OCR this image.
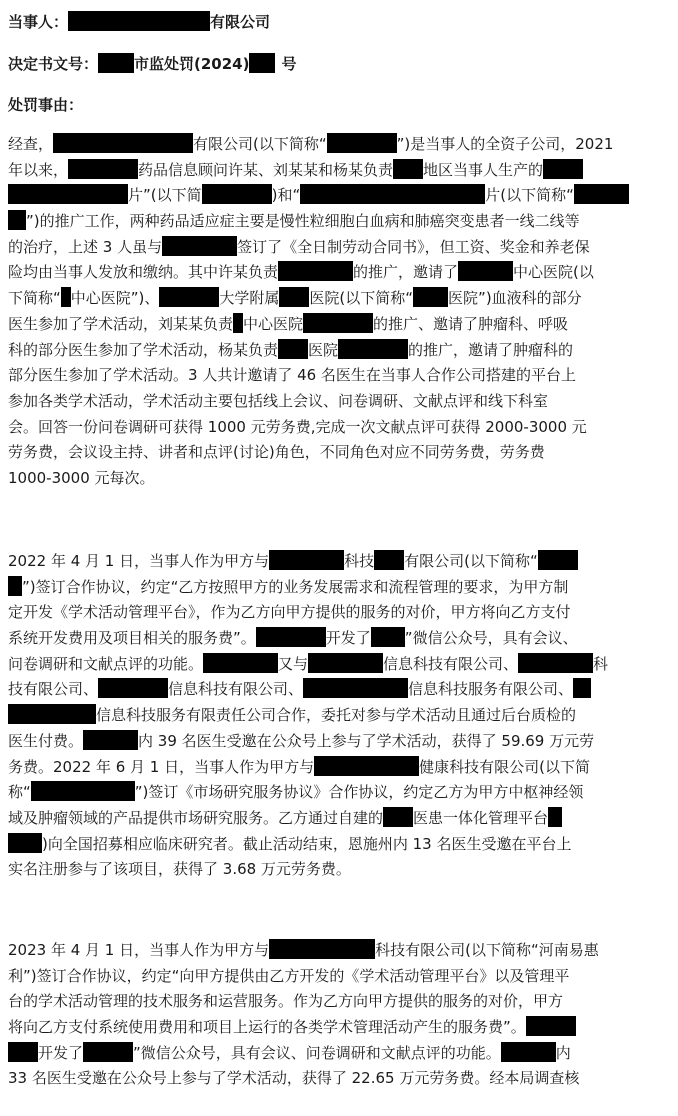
当事人：	有限公司
决定书文号： 市监处罚(2024) 号
处罚事由：
经查，	有限公司(以下简称“	”)是当事人的全资子公司，2021
年以来，	药品信息顾问许某、刘某某和杨某负责 地区当事人生产的
片”(以下简	)和“	片(以下简称“
”)的推广工作，两种药品适应症主要是慢性粒细胞白血病和肺癌突变患者一线二线等
的治疗，上述 3 人虽与	签订了《全日制劳动合同书》，但工资、奖金和养老保
险均由当事人发放和缴纳。其中许某负责	的推广，邀请了	中心医院(以
下简称“ 中心医院”)、	大学附属 医院(以下简称“ 医院”)血液科的部分
医生参加了学术活动，刘某某负责 中心医院	的推广、邀请了肿瘤科、呼吸
科的部分医生参加了学术活动，杨某负责 医院	的推广，邀请了肿瘤科的
部分医生参加了学术活动。3 人共计邀请了 46 名医生在当事人合作公司搭建的平台上
参加各类学术活动，学术活动主要包括线上会议、问卷调研、文献点评和线下科室
会。回答一份问卷调研可获得 1000 元劳务费,完成一次文献点评可获得 2000-3000 元
劳务费，会议设主持、讲者和点评(讨论)角色，不同角色对应不同劳务费，劳务费
1000-3000 元每次。
2022 年 4 月 1 日，当事人作为甲方与	科技 有限公司(以下简称“
”)签订合作协议，约定“乙方按照甲方的业务发展需求和流程管理的要求，为甲方制
定开发《学术活动管理平台》，作为乙方向甲方提供的服务的对价，甲方将向乙方支付
系统开发费用及项目相关的服务费”。	开发了 ”微信公众号，具有会议、
问卷调研和文献点评的功能。	又与	信息科技有限公司、	科
技有限公司、	信息科技有限公司、	信息科技服务有限公司、
信息科技服务有限责任公司合作，委托对参与学术活动且通过后台质检的
医生付费。	内 39 名医生受邀在公众号上参与了学术活动，获得了 59.69 万元劳
务费。2022 年 6 月 1 日，当事人作为甲方与	健康科技有限公司(以下简
称“	”)签订《市场研究服务协议》合作协议，约定乙方为甲方中枢神经领
域及肿瘤领域的产品提供市场研究服务。乙方通过自建的 医患一体化管理平台
)向全国招募相应临床研究者。截止活动结束，恩施州内 13 名医生受邀在平台上
实名注册参与了该项目，获得了 3.68 万元劳务费。
2023 年 4 月 1 日，当事人作为甲方与	科技有限公司(以下简称“河南易惠
利”)签订合作协议，约定“向甲方提供由乙方开发的《学术活动管理平台》以及管理平
台的学术活动管理的技术服务和运营服务。作为乙方向甲方提供的服务的对价，甲方
将向乙方支付系统使用费用和项目上运行的各类学术管理活动产生的服务费”。
开发了	”微信公众号，具有会议、问卷调研和文献点评的功能。	内
33 名医生受邀在公众号上参与了学术活动，获得了 22.65 万元劳务费。经本局调查核
